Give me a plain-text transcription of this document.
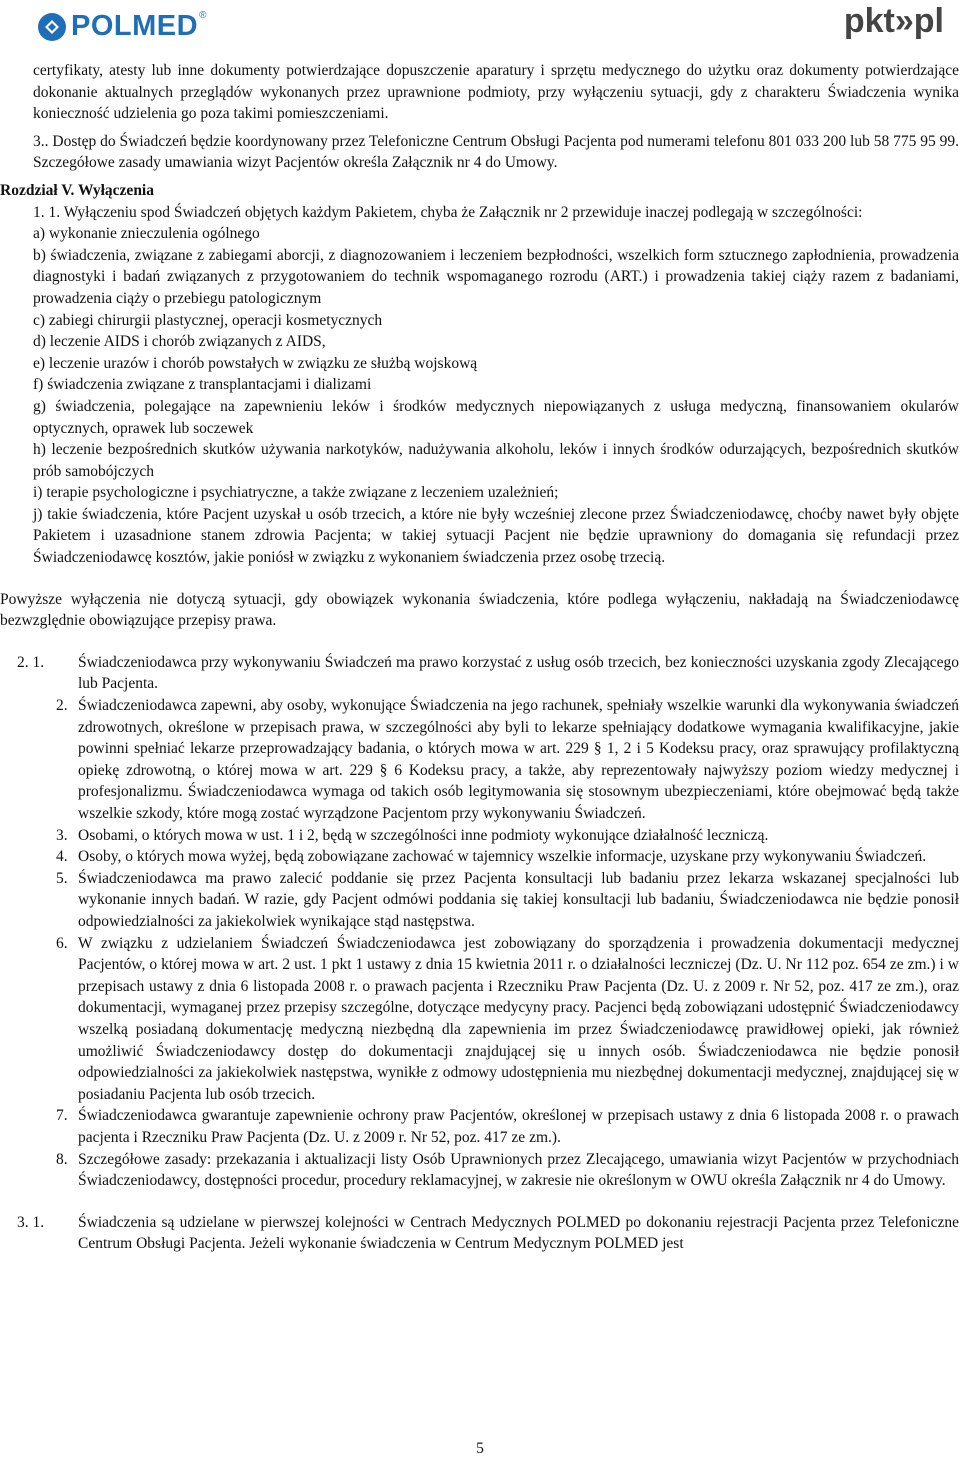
POLMED ®	pkt»pl

certyfikaty, atesty lub inne dokumenty potwierdzające dopuszczenie aparatury i sprzętu medycznego do użytku oraz dokumenty potwierdzające dokonanie aktualnych przeglądów wykonanych przez uprawnione podmioty, przy wyłączeniu sytuacji, gdy z charakteru Świadczenia wynika konieczność udzielenia go poza takimi pomieszczeniami.

3.. Dostęp do Świadczeń będzie koordynowany przez Telefoniczne Centrum Obsługi Pacjenta pod numerami telefonu 801 033 200 lub 58 775 95 99. Szczegółowe zasady umawiania wizyt Pacjentów określa Załącznik nr 4 do Umowy.

Rozdział V. Wyłączenia

1. 1. Wyłączeniu spod Świadczeń objętych każdym Pakietem, chyba że Załącznik nr 2 przewiduje inaczej podlegają w szczególności:

a) wykonanie znieczulenia ogólnego

b) świadczenia, związane z zabiegami aborcji, z diagnozowaniem i leczeniem bezpłodności, wszelkich form sztucznego zapłodnienia, prowadzenia diagnostyki i badań związanych z przygotowaniem do technik wspomaganego rozrodu (ART.) i prowadzenia takiej ciąży razem z badaniami, prowadzenia ciąży o przebiegu patologicznym

c) zabiegi chirurgii plastycznej, operacji kosmetycznych

d) leczenie AIDS i chorób związanych z AIDS,

e) leczenie urazów i chorób powstałych w związku ze służbą wojskową

f) świadczenia związane z transplantacjami i dializami

g) świadczenia, polegające na zapewnieniu leków i środków medycznych niepowiązanych z usługa medyczną, finansowaniem okularów optycznych, oprawek lub soczewek

h) leczenie bezpośrednich skutków używania narkotyków, nadużywania alkoholu, leków i innych środków odurzających, bezpośrednich skutków prób samobójczych

i) terapie psychologiczne i psychiatryczne, a także związane z leczeniem uzależnień;

j) takie świadczenia, które Pacjent uzyskał u osób trzecich, a które nie były wcześniej zlecone przez Świadczeniodawcę, choćby nawet były objęte Pakietem i uzasadnione stanem zdrowia Pacjenta; w takiej sytuacji Pacjent nie będzie uprawniony do domagania się refundacji przez Świadczeniodawcę kosztów, jakie poniósł w związku z wykonaniem świadczenia przez osobę trzecią.

Powyższe wyłączenia nie dotyczą sytuacji, gdy obowiązek wykonania świadczenia, które podlega wyłączeniu, nakładają na Świadczeniodawcę bezwzględnie obowiązujące przepisy prawa.

2. 1. Świadczeniodawca przy wykonywaniu Świadczeń ma prawo korzystać z usług osób trzecich, bez konieczności uzyskania zgody Zlecającego lub Pacjenta.
2. Świadczeniodawca zapewni, aby osoby, wykonujące Świadczenia na jego rachunek, spełniały wszelkie warunki dla wykonywania świadczeń zdrowotnych, określone w przepisach prawa, w szczególności aby byli to lekarze spełniający dodatkowe wymagania kwalifikacyjne, jakie powinni spełniać lekarze przeprowadzający badania, o których mowa w art. 229 § 1, 2 i 5 Kodeksu pracy, oraz sprawujący profilaktyczną opiekę zdrowotną, o której mowa w art. 229 § 6 Kodeksu pracy, a także, aby reprezentowały najwyższy poziom wiedzy medycznej i profesjonalizmu. Świadczeniodawca wymaga od takich osób legitymowania się stosownym ubezpieczeniami, które obejmować będą także wszelkie szkody, które mogą zostać wyrządzone Pacjentom przy wykonywaniu Świadczeń.
3. Osobami, o których mowa w ust. 1 i 2, będą w szczególności inne podmioty wykonujące działalność leczniczą.
4. Osoby, o których mowa wyżej, będą zobowiązane zachować w tajemnicy wszelkie informacje, uzyskane przy wykonywaniu Świadczeń.
5. Świadczeniodawca ma prawo zalecić poddanie się przez Pacjenta konsultacji lub badaniu przez lekarza wskazanej specjalności lub wykonanie innych badań. W razie, gdy Pacjent odmówi poddania się takiej konsultacji lub badaniu, Świadczeniodawca nie będzie ponosił odpowiedzialności za jakiekolwiek wynikające stąd następstwa.
6. W związku z udzielaniem Świadczeń Świadczeniodawca jest zobowiązany do sporządzenia i prowadzenia dokumentacji medycznej Pacjentów, o której mowa w art. 2 ust. 1 pkt 1 ustawy z dnia 15 kwietnia 2011 r. o działalności leczniczej (Dz. U. Nr 112 poz. 654 ze zm.) i w przepisach ustawy z dnia 6 listopada 2008 r. o prawach pacjenta i Rzeczniku Praw Pacjenta (Dz. U. z 2009 r. Nr 52, poz. 417 ze zm.), oraz dokumentacji, wymaganej przez przepisy szczególne, dotyczące medycyny pracy. Pacjenci będą zobowiązani udostępnić Świadczeniodawcy wszelką posiadaną dokumentację medyczną niezbędną dla zapewnienia im przez Świadczeniodawcę prawidłowej opieki, jak również umożliwić Świadczeniodawcy dostęp do dokumentacji znajdującej się u innych osób. Świadczeniodawca nie będzie ponosił odpowiedzialności za jakiekolwiek następstwa, wynikłe z odmowy udostępnienia mu niezbędnej dokumentacji medycznej, znajdującej się w posiadaniu Pacjenta lub osób trzecich.
7. Świadczeniodawca gwarantuje zapewnienie ochrony praw Pacjentów, określonej w przepisach ustawy z dnia 6 listopada 2008 r. o prawach pacjenta i Rzeczniku Praw Pacjenta (Dz. U. z 2009 r. Nr 52, poz. 417 ze zm.).
8. Szczegółowe zasady: przekazania i aktualizacji listy Osób Uprawnionych przez Zlecającego, umawiania wizyt Pacjentów w przychodniach Świadczeniodawcy, dostępności procedur, procedury reklamacyjnej, w zakresie nie określonym w OWU określa Załącznik nr 4 do Umowy.
3. 1. Świadczenia są udzielane w pierwszej kolejności w Centrach Medycznych POLMED po dokonaniu rejestracji Pacjenta przez Telefoniczne Centrum Obsługi Pacjenta. Jeżeli wykonanie świadczenia w Centrum Medycznym POLMED jest
5
